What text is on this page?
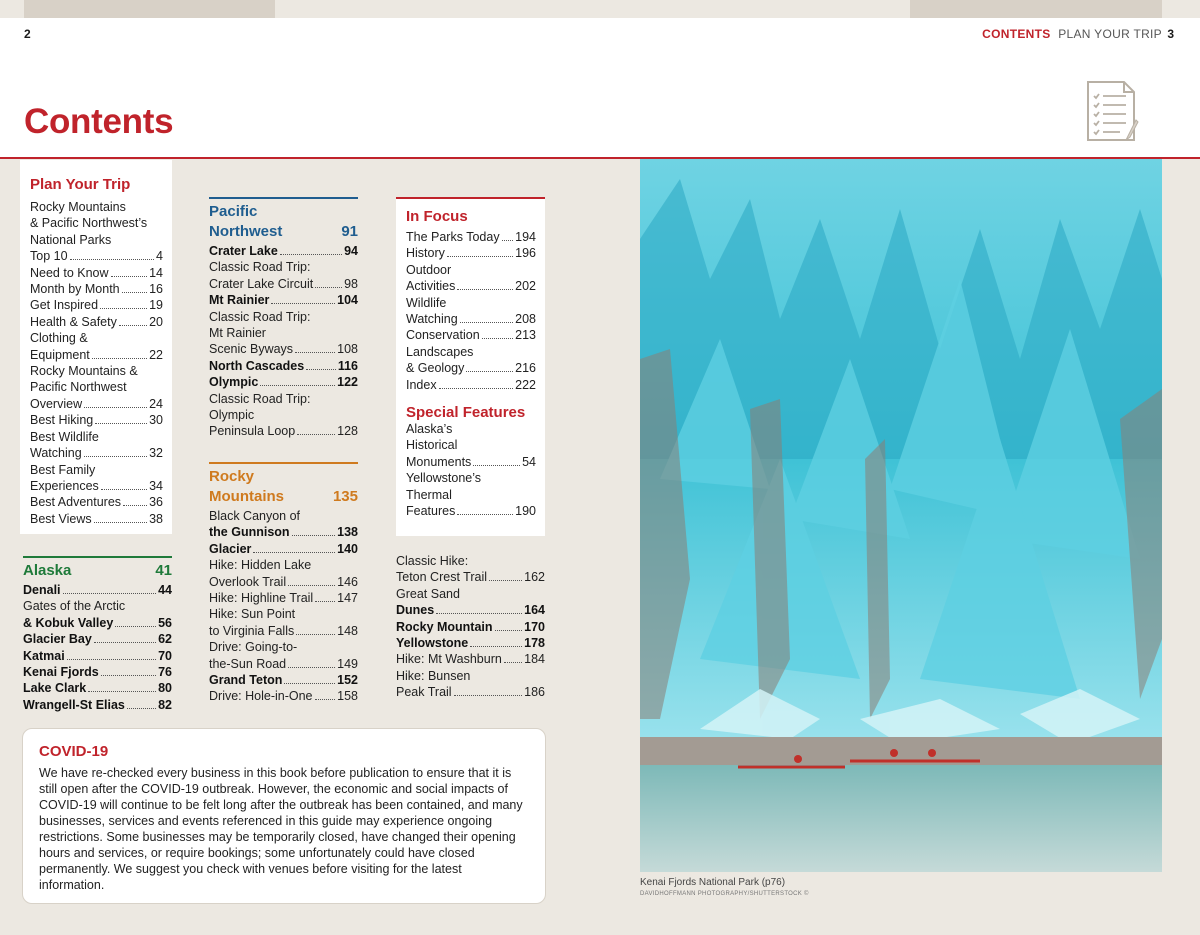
2	CONTENTS PLAN YOUR TRIP 3
Contents
Plan Your Trip
Rocky Mountains
& Pacific Northwest’s
National Parks
Top 10	4
Need to Know	14
Month by Month 16
Get Inspired	19
Health & Safety	20
Clothing &
Equipment	22
Rocky Mountains &
Pacific Northwest
Overview	24
Best Hiking	30
Best Wildlife
Watching	32
Best Family
Experiences	34
Best Adventures 36
Best Views	38
Alaska	41
Denali	44
Gates of the Arctic
& Kobuk Valley	56
Glacier Bay	62
Katmai	70
Kenai Fjords	76
Lake Clark	80
Wrangell-St Elias	82
Pacific
Northwest	91
Crater Lake	94
Classic Road Trip:
Crater Lake Circuit 98
Mt Rainier	104
Classic Road Trip:
Mt Rainier
Scenic Byways	108
North Cascades	116
Olympic	122
Classic Road Trip:
Olympic
Peninsula Loop	128
Rocky
Mountains	135
Black Canyon of
the Gunnison	138
Glacier	140
Hike: Hidden Lake
Overlook Trail	146
Hike: Highline Trail 147
Hike: Sun Point
to Virginia Falls	148
Drive: Going-to-
the-Sun Road	149
Grand Teton	152
Drive: Hole-in-One 158
In Focus
The Parks Today 194
History	196
Outdoor
Activities	202
Wildlife
Watching	208
Conservation	213
Landscapes
& Geology	216
Index	222
Special Features
Alaska’s
Historical
Monuments	54
Yellowstone’s
Thermal
Features	190
Classic Hike:
Teton Crest Trail	162
Great Sand
Dunes	164
Rocky Mountain	170
Yellowstone	178
Hike: Mt Washburn 184
Hike: Bunsen
Peak Trail	186
COVID-19

We have re-checked every business in this book before publication to ensure that it is still open after the COVID-19 outbreak. However, the economic and social impacts of COVID-19 will continue to be felt long after the outbreak has been contained, and many businesses, services and events referenced in this guide may experience ongoing restrictions. Some businesses may be temporarily closed, have changed their opening hours and services, or require bookings; some unfortunately could have closed permanently. We suggest you check with venues before visiting for the latest information.	Kenai Fjords National Park (p76)
DAVIDHOFFMANN PHOTOGRAPHY/SHUTTERSTOCK ©
